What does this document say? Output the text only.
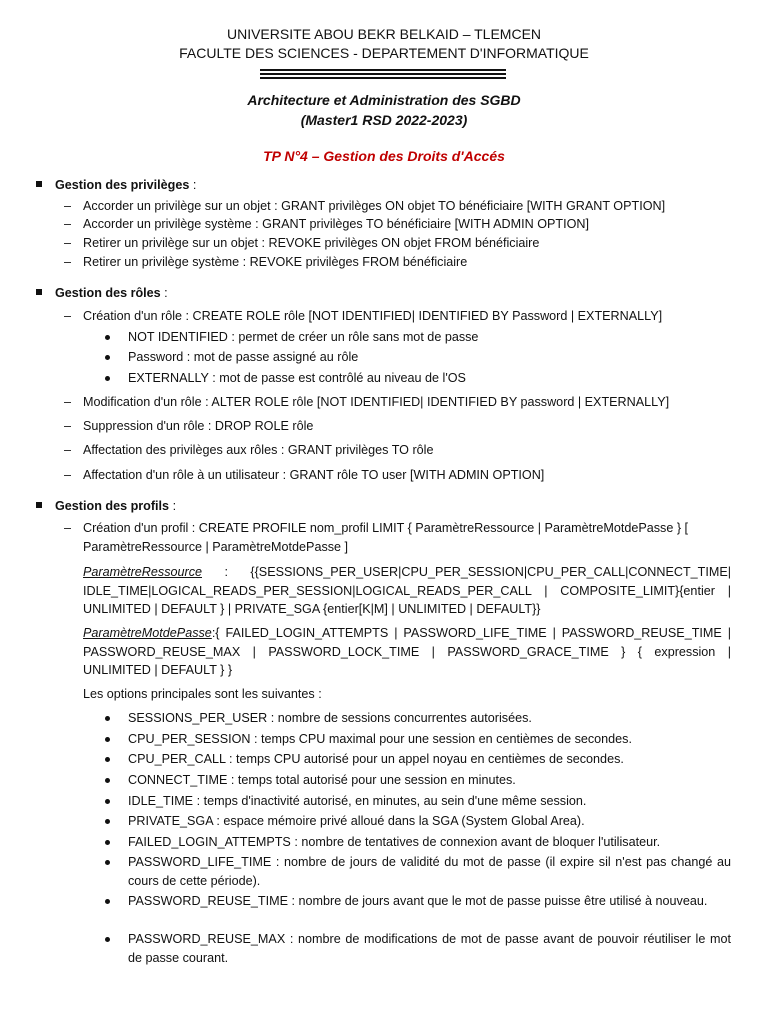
UNIVERSITE ABOU BEKR BELKAID – TLEMCEN
FACULTE DES SCIENCES - DEPARTEMENT D'INFORMATIQUE
Architecture et Administration des SGBD
(Master1 RSD 2022-2023)
TP N°4 – Gestion des Droits d'Accés
Gestion des privilèges :
– Accorder un privilège sur un objet : GRANT privilèges ON objet TO bénéficiaire [WITH GRANT OPTION]
– Accorder un privilège système : GRANT privilèges TO bénéficiaire [WITH ADMIN OPTION]
– Retirer un privilège sur un objet : REVOKE privilèges ON objet FROM bénéficiaire
– Retirer un privilège système : REVOKE privilèges FROM bénéficiaire
Gestion des rôles :
– Création d'un rôle : CREATE ROLE rôle [NOT IDENTIFIED| IDENTIFIED BY Password | EXTERNALLY]
NOT IDENTIFIED : permet de créer un rôle sans mot de passe
Password : mot de passe assigné au rôle
EXTERNALLY : mot de passe est contrôlé au niveau de l'OS
– Modification d'un rôle : ALTER ROLE rôle [NOT IDENTIFIED| IDENTIFIED BY password | EXTERNALLY]
– Suppression d'un rôle : DROP ROLE rôle
– Affectation des privilèges aux rôles : GRANT privilèges TO rôle
– Affectation d'un rôle à un utilisateur : GRANT rôle TO user [WITH ADMIN OPTION]
Gestion des profils :
– Création d'un profil : CREATE PROFILE nom_profil LIMIT { ParamètreRessource | ParamètreMotdePasse } [ ParamètreRessource | ParamètreMotdePasse ]
ParamètreRessource : {{SESSIONS_PER_USER|CPU_PER_SESSION|CPU_PER_CALL|CONNECT_TIME| IDLE_TIME|LOGICAL_READS_PER_SESSION|LOGICAL_READS_PER_CALL | COMPOSITE_LIMIT}{entier | UNLIMITED | DEFAULT } | PRIVATE_SGA {entier[K|M] | UNLIMITED | DEFAULT}}
ParamètreMotdePasse:{ FAILED_LOGIN_ATTEMPTS | PASSWORD_LIFE_TIME | PASSWORD_REUSE_TIME | PASSWORD_REUSE_MAX | PASSWORD_LOCK_TIME | PASSWORD_GRACE_TIME } { expression | UNLIMITED | DEFAULT } }
Les options principales sont les suivantes :
SESSIONS_PER_USER : nombre de sessions concurrentes autorisées.
CPU_PER_SESSION : temps CPU maximal pour une session en centièmes de secondes.
CPU_PER_CALL : temps CPU autorisé pour un appel noyau en centièmes de secondes.
CONNECT_TIME : temps total autorisé pour une session en minutes.
IDLE_TIME : temps d'inactivité autorisé, en minutes, au sein d'une même session.
PRIVATE_SGA : espace mémoire privé alloué dans la SGA (System Global Area).
FAILED_LOGIN_ATTEMPTS : nombre de tentatives de connexion avant de bloquer l'utilisateur.
PASSWORD_LIFE_TIME : nombre de jours de validité du mot de passe (il expire sil n'est pas changé au cours de cette période).
PASSWORD_REUSE_TIME : nombre de jours avant que le mot de passe puisse être utilisé à nouveau.
PASSWORD_REUSE_MAX : nombre de modifications de mot de passe avant de pouvoir réutiliser le mot de passe courant.
